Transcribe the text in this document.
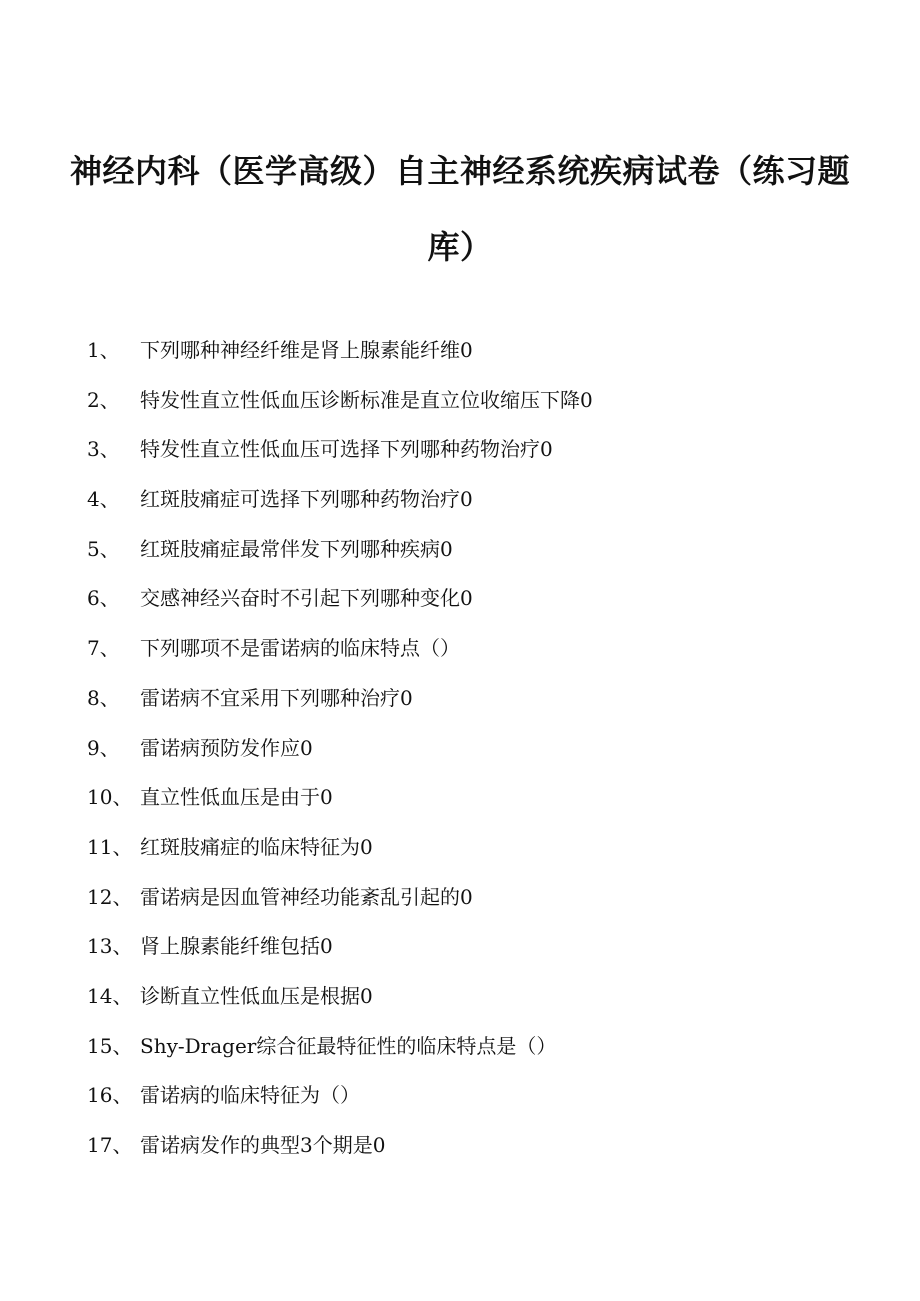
神经内科（医学高级）自主神经系统疾病试卷（练习题库）
1、 下列哪种神经纤维是肾上腺素能纤维0
2、 特发性直立性低血压诊断标准是直立位收缩压下降0
3、 特发性直立性低血压可选择下列哪种药物治疗0
4、 红斑肢痛症可选择下列哪种药物治疗0
5、 红斑肢痛症最常伴发下列哪种疾病0
6、 交感神经兴奋时不引起下列哪种变化0
7、 下列哪项不是雷诺病的临床特点（）
8、 雷诺病不宜采用下列哪种治疗0
9、 雷诺病预防发作应0
10、 直立性低血压是由于0
11、 红斑肢痛症的临床特征为0
12、 雷诺病是因血管神经功能紊乱引起的0
13、 肾上腺素能纤维包括0
14、 诊断直立性低血压是根据0
15、 Shy-Drager综合征最特征性的临床特点是（）
16、 雷诺病的临床特征为（）
17、 雷诺病发作的典型3个期是0
